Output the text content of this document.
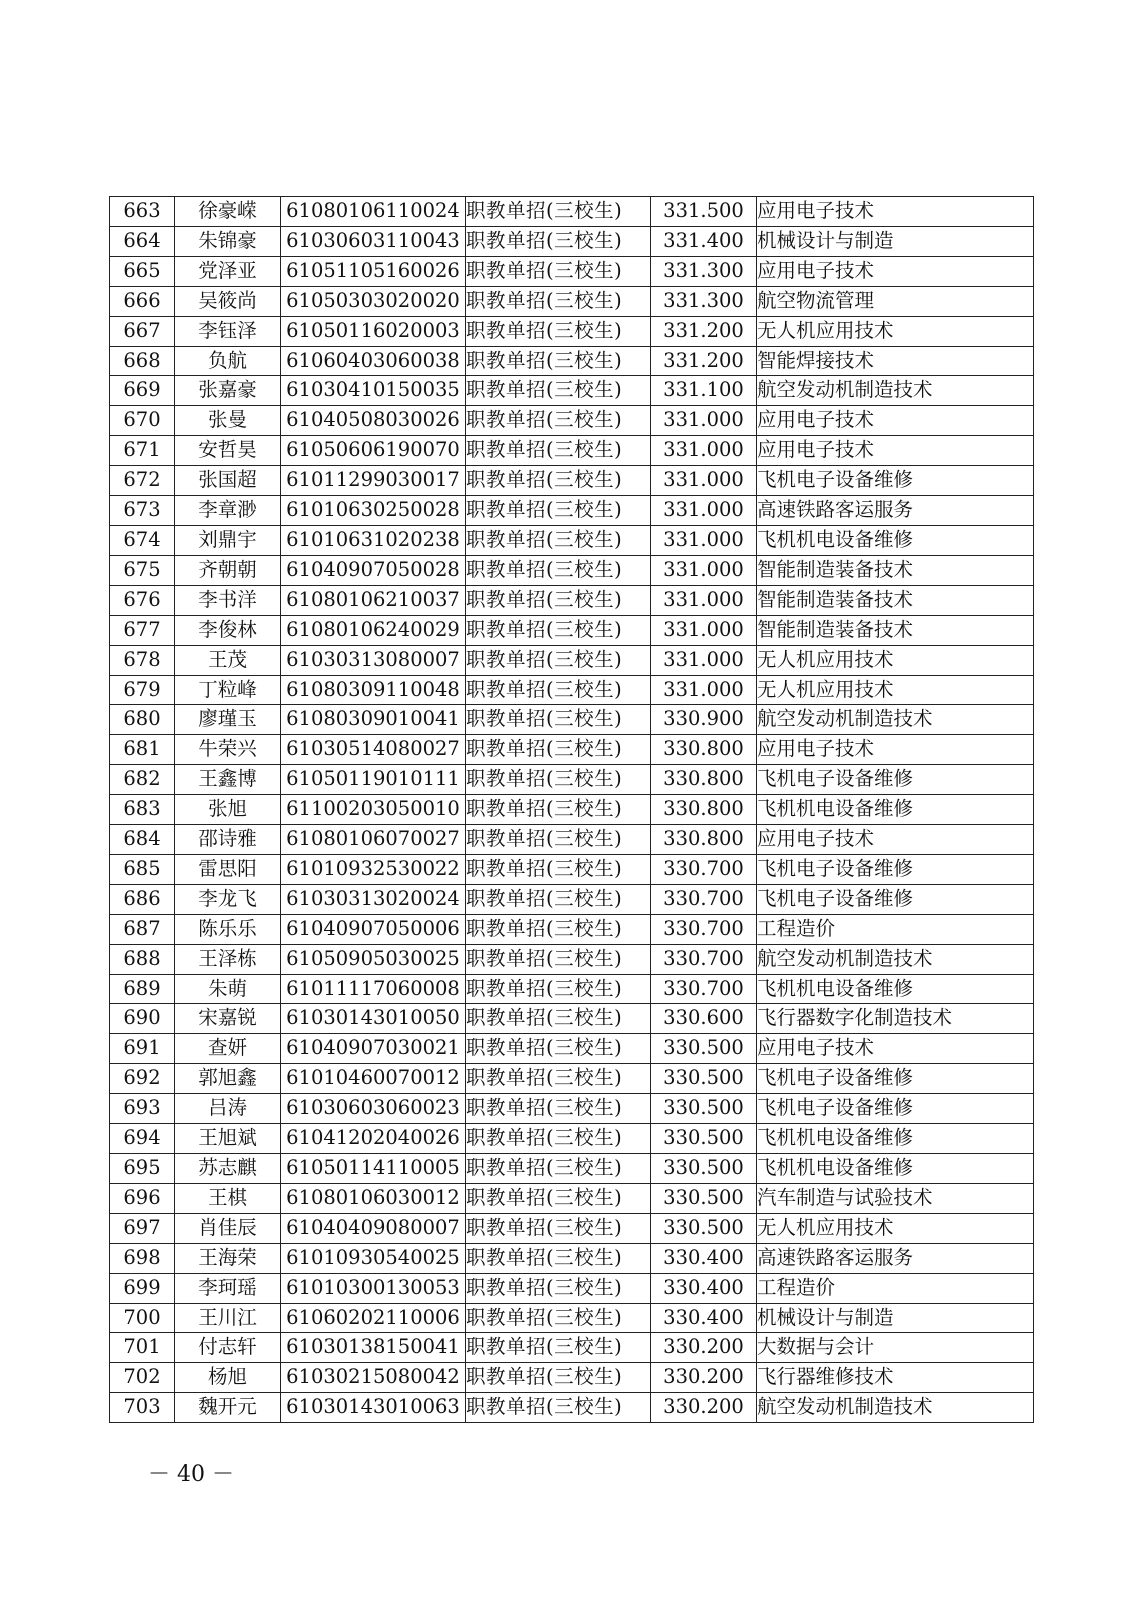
663	徐豪嵘	61080106110024	职教单招(三校生)	331.500	应用电子技术
664	朱锦豪	61030603110043	职教单招(三校生)	331.400	机械设计与制造
665	党泽亚	61051105160026	职教单招(三校生)	331.300	应用电子技术
666	吴筱尚	61050303020020	职教单招(三校生)	331.300	航空物流管理
667	李钰泽	61050116020003	职教单招(三校生)	331.200	无人机应用技术
668	负航	61060403060038	职教单招(三校生)	331.200	智能焊接技术
669	张嘉豪	61030410150035	职教单招(三校生)	331.100	航空发动机制造技术
670	张曼	61040508030026	职教单招(三校生)	331.000	应用电子技术
671	安哲昊	61050606190070	职教单招(三校生)	331.000	应用电子技术
672	张国超	61011299030017	职教单招(三校生)	331.000	飞机电子设备维修
673	李章渺	61010630250028	职教单招(三校生)	331.000	高速铁路客运服务
674	刘鼎宇	61010631020238	职教单招(三校生)	331.000	飞机机电设备维修
675	齐朝朝	61040907050028	职教单招(三校生)	331.000	智能制造装备技术
676	李书洋	61080106210037	职教单招(三校生)	331.000	智能制造装备技术
677	李俊林	61080106240029	职教单招(三校生)	331.000	智能制造装备技术
678	王茂	61030313080007	职教单招(三校生)	331.000	无人机应用技术
679	丁粒峰	61080309110048	职教单招(三校生)	331.000	无人机应用技术
680	廖瑾玉	61080309010041	职教单招(三校生)	330.900	航空发动机制造技术
681	牛荣兴	61030514080027	职教单招(三校生)	330.800	应用电子技术
682	王鑫博	61050119010111	职教单招(三校生)	330.800	飞机电子设备维修
683	张旭	61100203050010	职教单招(三校生)	330.800	飞机机电设备维修
684	邵诗雅	61080106070027	职教单招(三校生)	330.800	应用电子技术
685	雷思阳	61010932530022	职教单招(三校生)	330.700	飞机电子设备维修
686	李龙飞	61030313020024	职教单招(三校生)	330.700	飞机电子设备维修
687	陈乐乐	61040907050006	职教单招(三校生)	330.700	工程造价
688	王泽栋	61050905030025	职教单招(三校生)	330.700	航空发动机制造技术
689	朱萌	61011117060008	职教单招(三校生)	330.700	飞机机电设备维修
690	宋嘉锐	61030143010050	职教单招(三校生)	330.600	飞行器数字化制造技术
691	查妍	61040907030021	职教单招(三校生)	330.500	应用电子技术
692	郭旭鑫	61010460070012	职教单招(三校生)	330.500	飞机电子设备维修
693	吕涛	61030603060023	职教单招(三校生)	330.500	飞机电子设备维修
694	王旭斌	61041202040026	职教单招(三校生)	330.500	飞机机电设备维修
695	苏志麒	61050114110005	职教单招(三校生)	330.500	飞机机电设备维修
696	王棋	61080106030012	职教单招(三校生)	330.500	汽车制造与试验技术
697	肖佳辰	61040409080007	职教单招(三校生)	330.500	无人机应用技术
698	王海荣	61010930540025	职教单招(三校生)	330.400	高速铁路客运服务
699	李珂瑶	61010300130053	职教单招(三校生)	330.400	工程造价
700	王川江	61060202110006	职教单招(三校生)	330.400	机械设计与制造
701	付志轩	61030138150041	职教单招(三校生)	330.200	大数据与会计
702	杨旭	61030215080042	职教单招(三校生)	330.200	飞行器维修技术
703	魏开元	61030143010063	职教单招(三校生)	330.200	航空发动机制造技术
－ 40 －
